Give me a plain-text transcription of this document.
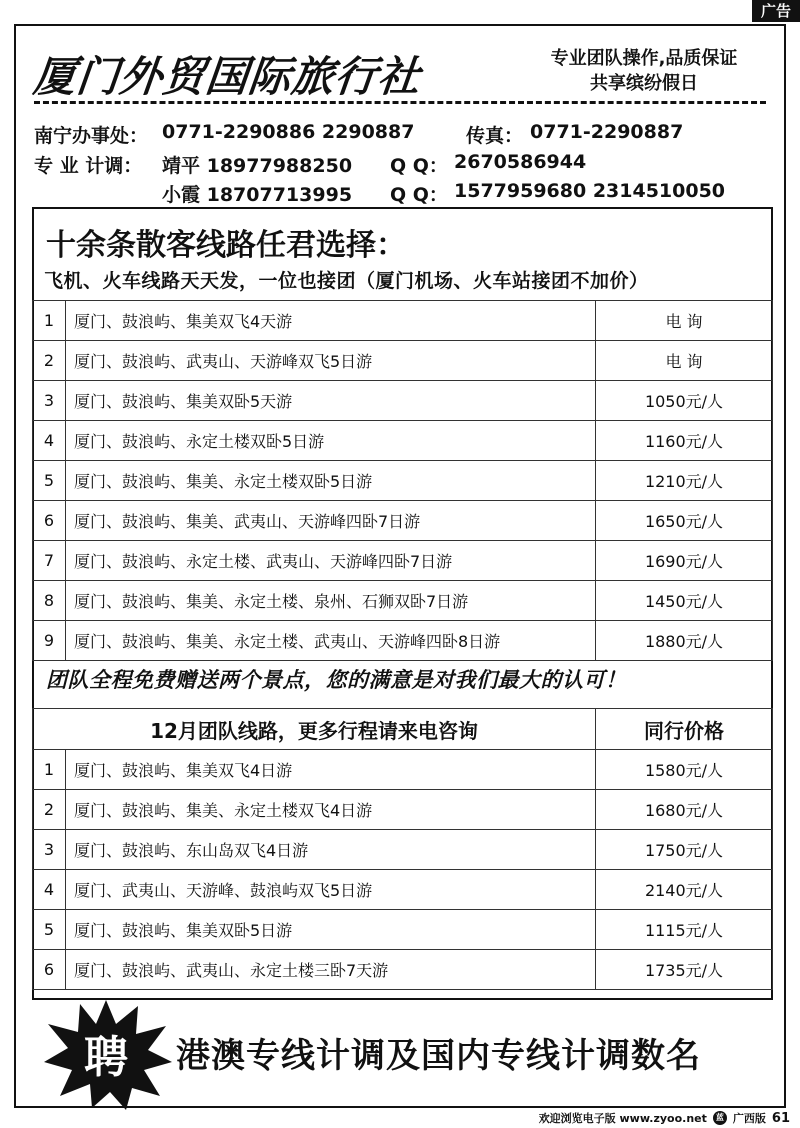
广告
厦门外贸国际旅行社	专业团队操作,品质保证
共享缤纷假日
南宁办事处： 0771-2290886 2290887	传真： 0771-2290887
专 业 计调： 靖平 18977988250 Q Q： 2670586944
小霞 18707713995 Q Q： 1577959680 2314510050
十余条散客线路任君选择：
飞机、火车线路天天发，一位也接团（厦门机场、火车站接团不加价）
1	厦门、鼓浪屿、集美双飞4天游	电 询
2	厦门、鼓浪屿、武夷山、天游峰双飞5日游	电 询
3	厦门、鼓浪屿、集美双卧5天游	1050元/人
4	厦门、鼓浪屿、永定土楼双卧5日游	1160元/人
5	厦门、鼓浪屿、集美、永定土楼双卧5日游	1210元/人
6	厦门、鼓浪屿、集美、武夷山、天游峰四卧7日游	1650元/人
7	厦门、鼓浪屿、永定土楼、武夷山、天游峰四卧7日游	1690元/人
8	厦门、鼓浪屿、集美、永定土楼、泉州、石狮双卧7日游	1450元/人
9	厦门、鼓浪屿、集美、永定土楼、武夷山、天游峰四卧8日游	1880元/人
团队全程免费赠送两个景点，您的满意是对我们最大的认可！
12月团队线路，更多行程请来电咨询		同行价格
1	厦门、鼓浪屿、集美双飞4日游	1580元/人
2	厦门、鼓浪屿、集美、永定土楼双飞4日游	1680元/人
3	厦门、鼓浪屿、东山岛双飞4日游	1750元/人
4	厦门、武夷山、天游峰、鼓浪屿双飞5日游	2140元/人
5	厦门、鼓浪屿、集美双卧5日游	1115元/人
6	厦门、鼓浪屿、武夷山、永定土楼三卧7天游	1735元/人
聘 港澳专线计调及国内专线计调数名
欢迎浏览电子版 www.zyoo.net	蓝 广西版 61
